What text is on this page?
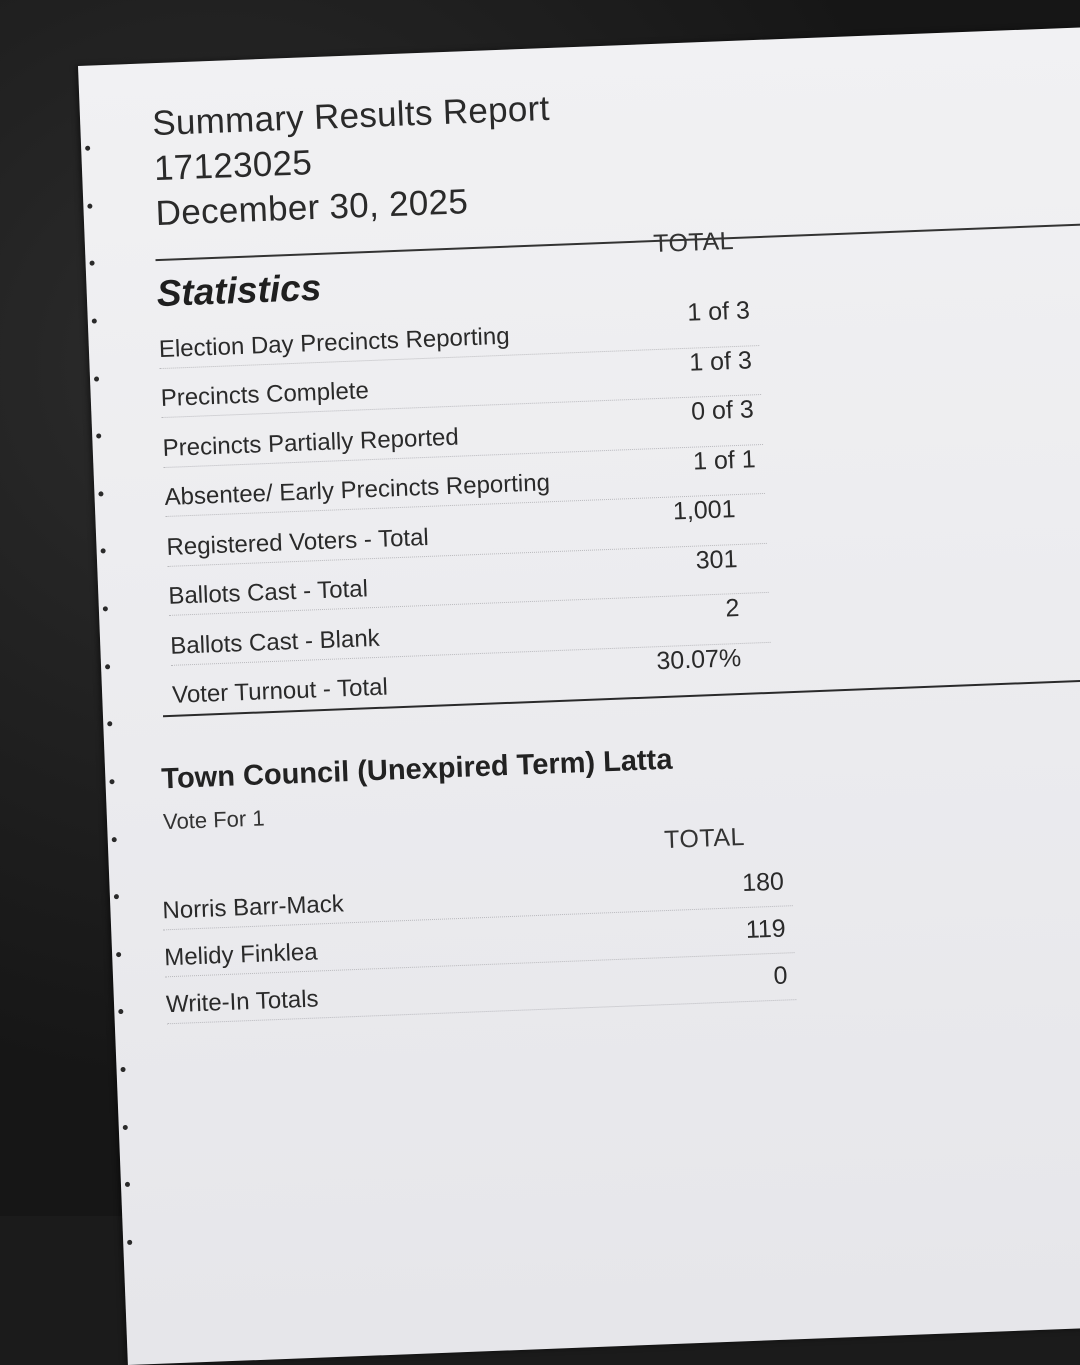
Summary Results Report
17123025
December 30, 2025
Statistics
TOTAL
Election Day Precincts Reporting
1 of 3
Precincts Complete
1 of 3
Precincts Partially Reported
0 of 3
Absentee/ Early Precincts Reporting
1 of 1
Registered Voters - Total
1,001
Ballots Cast - Total
301
Ballots Cast - Blank
2
Voter Turnout - Total
30.07%
Town Council (Unexpired Term) Latta
Vote For 1
TOTAL
Norris Barr-Mack
180
Melidy Finklea
119
Write-In Totals
0
